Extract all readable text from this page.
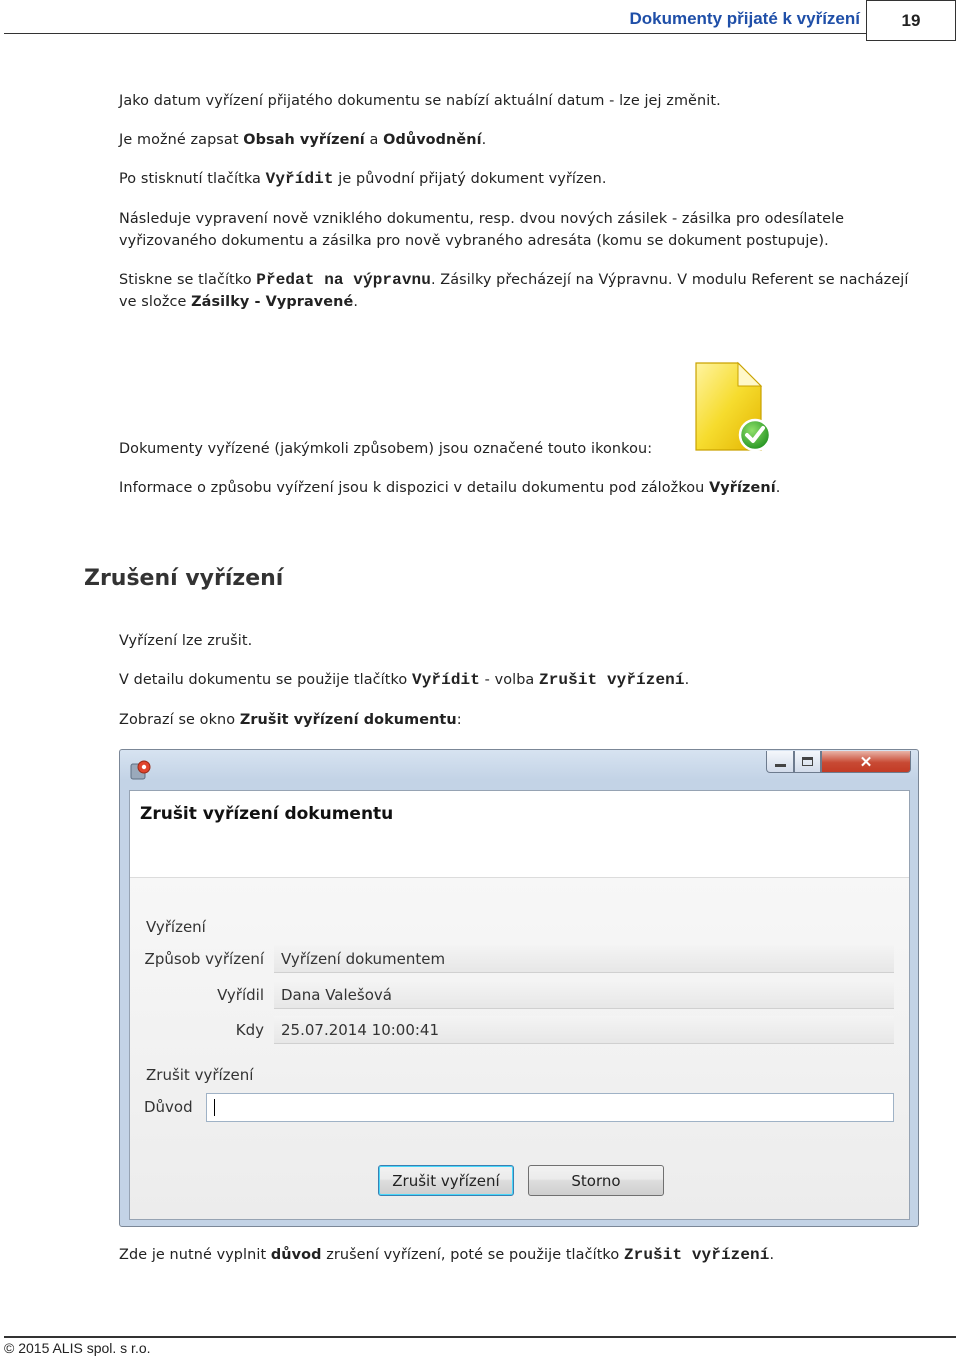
Dokumenty přijaté k vyřízení	19
Jako datum vyřízení přijatého dokumentu se nabízí aktuální datum - lze jej změnit.
Je možné zapsat Obsah vyřízení a Odůvodnění.
Po stisknutí tlačítka Vyřídit je původní přijatý dokument vyřízen.
Následuje vypravení nově vzniklého dokumentu, resp. dvou nových zásilek - zásilka pro odesílatele vyřizovaného dokumentu a zásilka pro nově vybraného adresáta (komu se dokument postupuje).
Stiskne se tlačítko Předat na výpravnu. Zásilky přecházejí na Výpravnu. V modulu Referent se nacházejí ve složce Zásilky - Vypravené.
Dokumenty vyřízené (jakýmkoli způsobem) jsou označené touto ikonkou:
Informace o způsobu vyířzení jsou k dispozici v detailu dokumentu pod záložkou Vyřízení.
Zrušení vyřízení
Vyřízení lze zrušit.
V detailu dokumentu se použije tlačítko Vyřídit - volba Zrušit vyřízení.
Zobrazí se okno Zrušit vyřízení dokumentu:
✕
Zrušit vyřízení dokumentu
Vyřízení
Způsob vyřízení	Vyřízení dokumentem
Vyřídil	Dana Valešová
Kdy	25.07.2014 10:00:41
Zrušit vyřízení
Důvod
Zrušit vyřízení	Storno
Zde je nutné vyplnit důvod zrušení vyřízení, poté se použije tlačítko Zrušit vyřízení.
© 2015 ALIS spol. s r.o.
